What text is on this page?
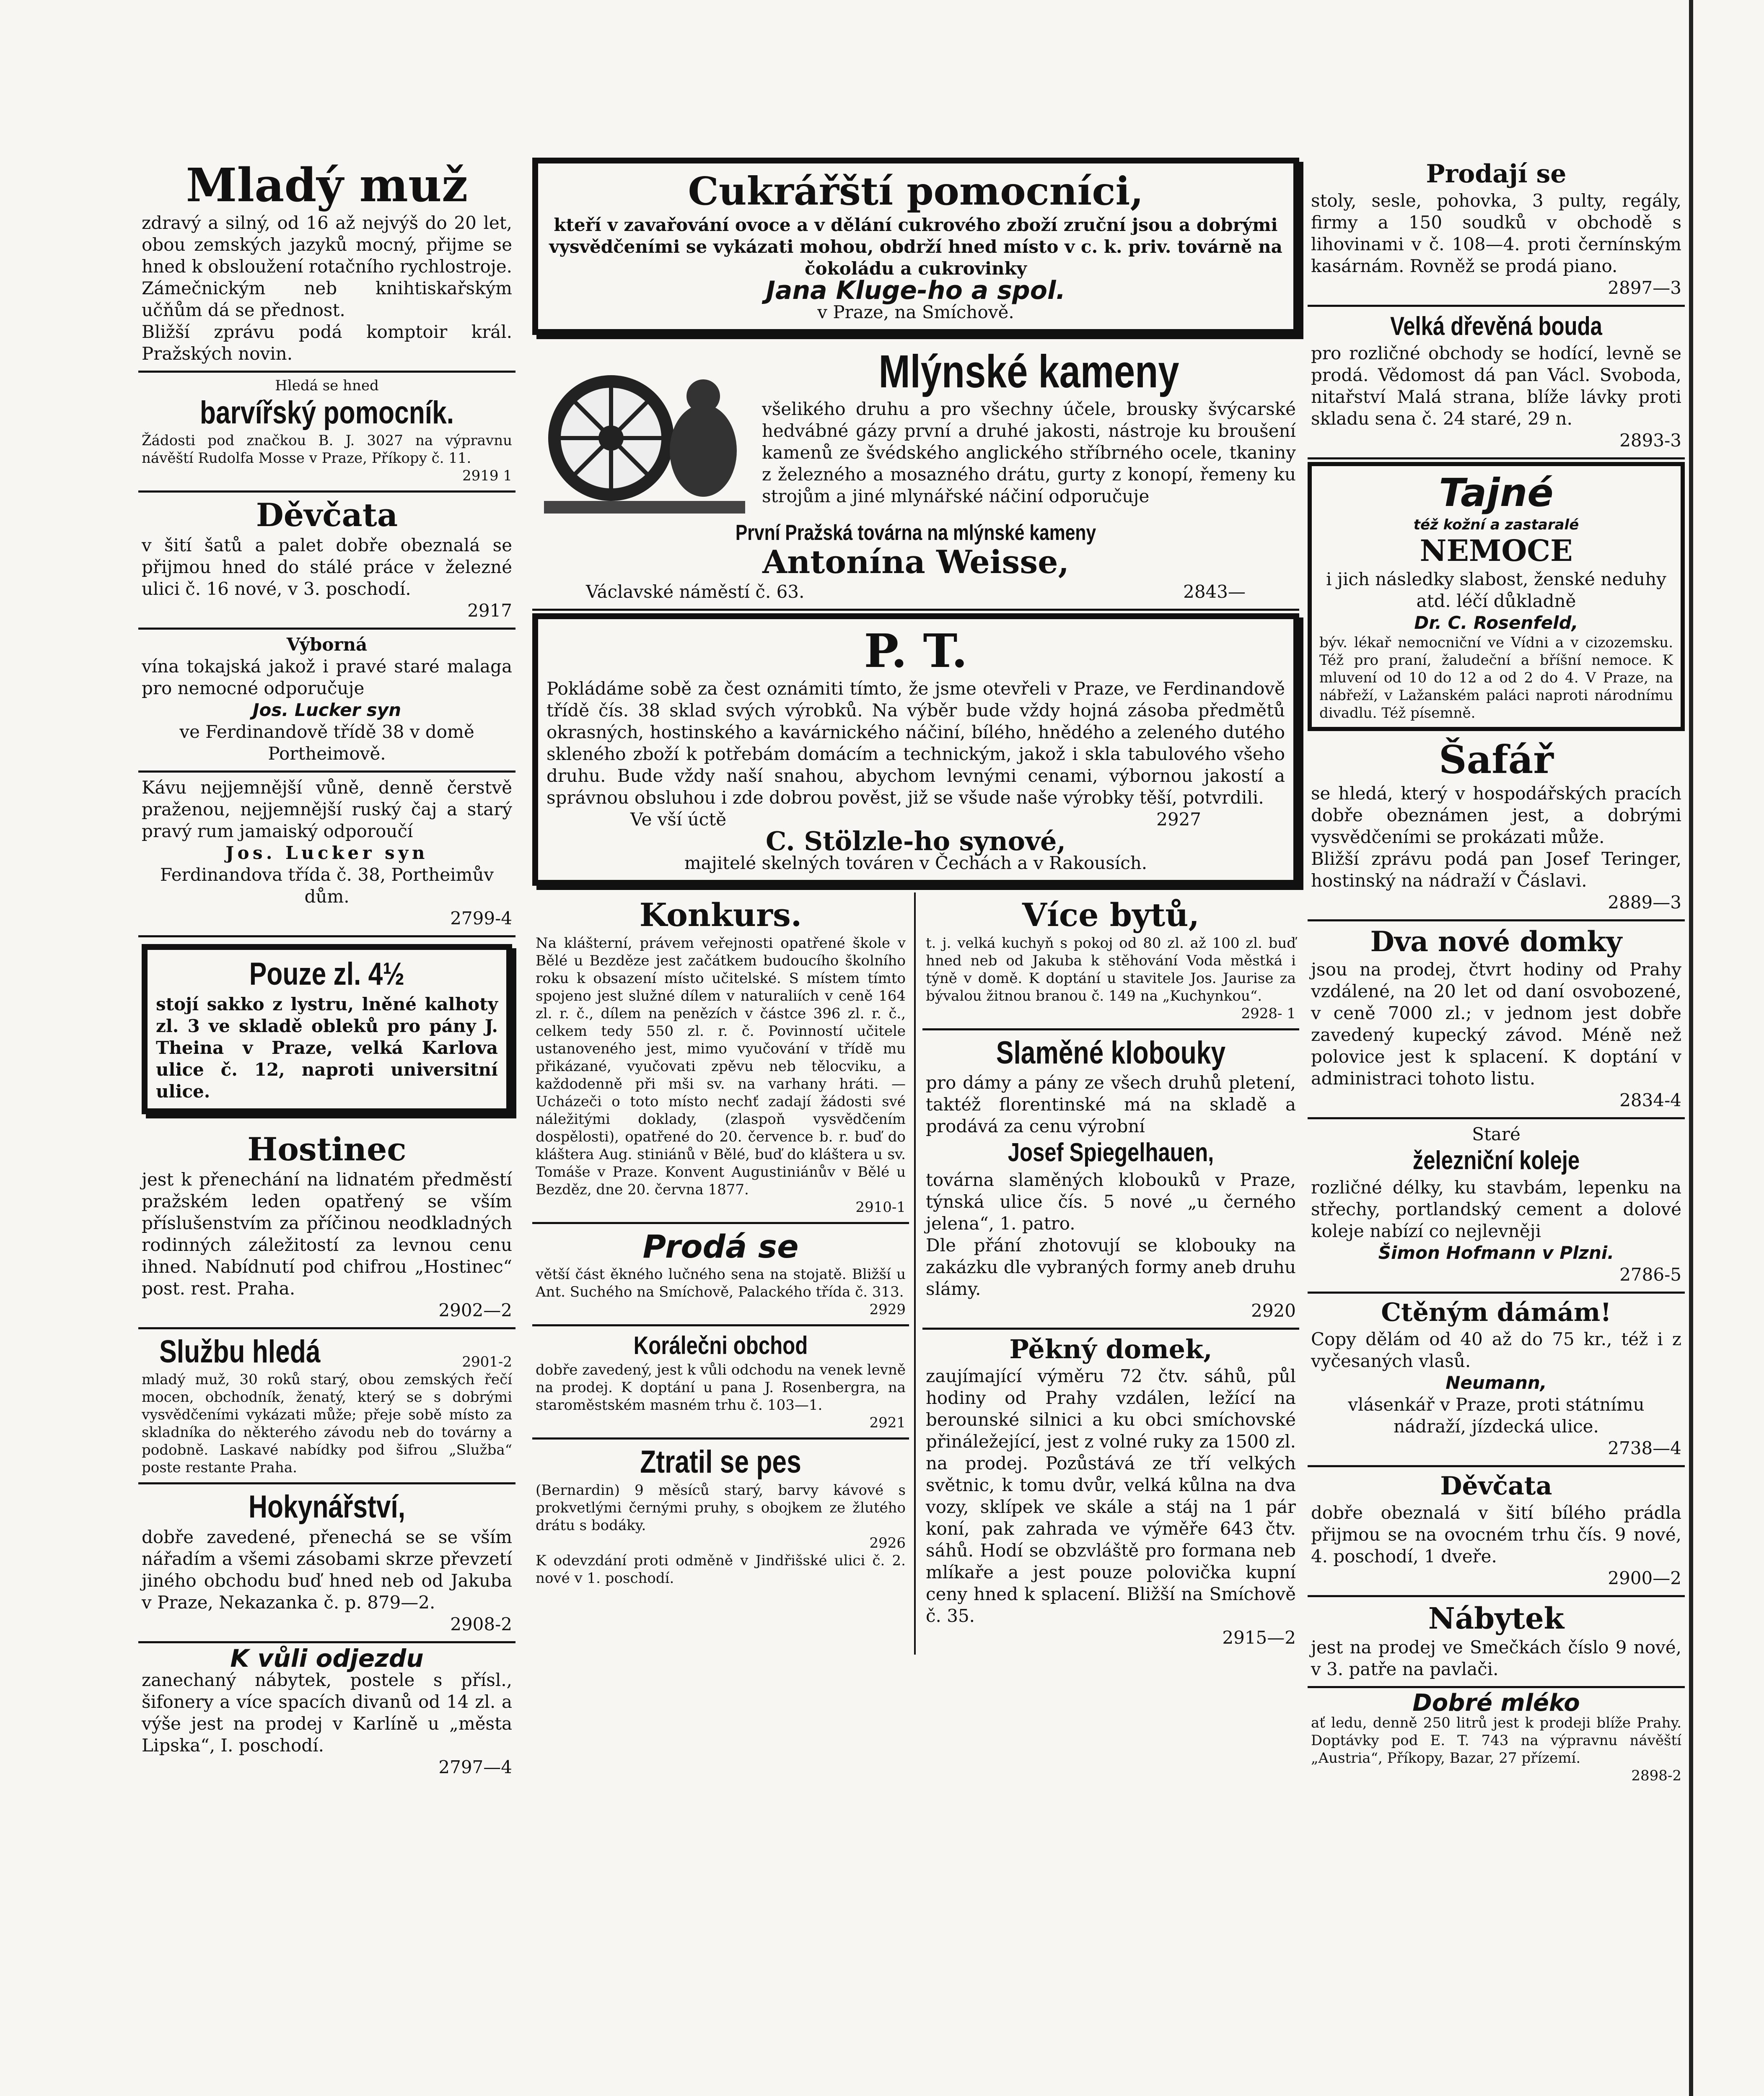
Mladý muž
zdravý a silný, od 16 až nejvýš do 20 let, obou zemských jazyků mocný, přijme se hned k obsloužení rotačního rychlostroje. Zámečnickým neb knihtiskařským učňům dá se přednost.
Bližší zprávu podá komptoir král. Pražských novin.
Hledá se hned
barvířský pomocník.
Žádosti pod značkou B. J. 3027 na výpravnu návěští Rudolfa Mosse v Praze, Příkopy č. 11.
2919 1
Děvčata
v šití šatů a palet dobře obeznalá se přijmou hned do stálé práce v železné ulici č. 16 nové, v 3. poschodí.
2917
Výborná
vína tokajská jakož i pravé staré malaga pro nemocné odporučuje
Jos. Lucker syn
ve Ferdinandově třídě 38 v domě Portheimově.
Kávu nejjemnější vůně, denně čerstvě praženou, nejjemnější ruský čaj a starý pravý rum jamaiský odporoučí
Jos. Lucker syn
Ferdinandova třída č. 38, Portheimův dům.
2799-4
Pouze zl. 4½
stojí sakko z lystru, lněné kalhoty zl. 3 ve skladě obleků pro pány J. Theina v Praze, velká Karlova ulice č. 12, naproti universitní ulice.
Hostinec
jest k přenechání na lidnatém předměstí pražském leden opatřený se vším příslušenstvím za příčinou neodkladných rodinných záležitostí za levnou cenu ihned. Nabídnutí pod chifrou „Hostinec“ post. rest. Praha.
2902—2
Službu hledá	2901-2
mladý muž, 30 roků starý, obou zemských řečí mocen, obchodník, ženatý, který se s dobrými vysvědčeními vykázati může; přeje sobě místo za skladníka do některého závodu neb do továrny a podobně. Laskavé nabídky pod šifrou „Služba“ poste restante Praha.
Hokynářství,
dobře zavedené, přenechá se se vším nářadím a všemi zásobami skrze převzetí jiného obchodu buď hned neb od Jakuba v Praze, Nekazanka č. p. 879—2.
2908-2
K vůli odjezdu
zanechaný nábytek, postele s přísl., šifonery a více spacích divanů od 14 zl. a výše jest na prodej v Karlíně u „města Lipska“, I. poschodí.
2797—4
Cukrářští pomocníci,
kteří v zavařování ovoce a v dělání cukrového zboží zruční jsou a dobrými vysvědčeními se vykázati mohou, obdrží hned místo v c. k. priv. továrně na čokoládu a cukrovinky
Jana Kluge-ho a spol.
v Praze, na Smíchově.
Mlýnské kameny
všelikého druhu a pro všechny účele, brousky švýcarské hedvábné gázy první a druhé jakosti, nástroje ku broušení kamenů ze švédského anglického stříbrného ocele, tkaniny z železného a mosazného drátu, gurty z konopí, řemeny ku strojům a jiné mlynářské náčiní odporučuje
První Pražská továrna na mlýnské kameny
Antonína Weisse,
Václavské náměstí č. 63.	2843—
P. T.
Pokládáme sobě za čest oznámiti tímto, že jsme otevřeli v Praze, ve Ferdinandově třídě čís. 38 sklad svých výrobků. Na výběr bude vždy hojná zásoba předmětů okrasných, hostinského a kavárnického náčiní, bílého, hnědého a zeleného dutého skleného zboží k potřebám domácím a technickým, jakož i skla tabulového všeho druhu. Bude vždy naší snahou, abychom levnými cenami, výbornou jakostí a správnou obsluhou i zde dobrou pověst, již se všude naše výrobky těší, potvrdili.
Ve vší úctě	2927
C. Stölzle-ho synové,
majitelé skelných továren v Čechách a v Rakousích.
Konkurs.
Na klášterní, právem veřejnosti opatřené škole v Bělé u Bezděze jest začátkem budoucího školního roku k obsazení místo učitelské. S místem tímto spojeno jest služné dílem v naturaliích v ceně 164 zl. r. č., dílem na penězích v částce 396 zl. r. č., celkem tedy 550 zl. r. č. Povinností učitele ustanoveného jest, mimo vyučování v třídě mu přikázané, vyučovati zpěvu neb tělocviku, a každodenně při mši sv. na varhany hráti. — Ucházeči o toto místo nechť zadají žádosti své náležitými doklady, (zlaspoň vysvědčením dospělosti), opatřené do 20. července b. r. buď do kláštera Aug. stiniánů v Bělé, buď do kláštera u sv. Tomáše v Praze. Konvent Augustiniánův v Bělé u Bezděz, dne 20. června 1877.
2910-1
Prodá se
větší část ěkného lučného sena na stojatě. Bližší u Ant. Suchého na Smíchově, Palackého třída č. 313.
2929
Korálečni obchod
dobře zavedený, jest k vůli odchodu na venek levně na prodej. K doptání u pana J. Rosenbergra, na staroměstském masném trhu č. 103—1.
2921
Ztratil se pes
(Bernardin) 9 měsíců starý, barvy kávové s prokvetlými černými pruhy, s obojkem ze žlutého drátu s bodáky.
2926
K odevzdání proti odměně v Jindřišské ulici č. 2. nové v 1. poschodí.
Více bytů,
t. j. velká kuchyň s pokoj od 80 zl. až 100 zl. buď hned neb od Jakuba k stěhování Voda městká i týně v domě. K doptání u stavitele Jos. Jaurise za bývalou žitnou branou č. 149 na „Kuchynkou“.
2928- 1
Slaměné klobouky
pro dámy a pány ze všech druhů pletení, taktéž florentinské má na skladě a prodává za cenu výrobní
Josef Spiegelhauen,
továrna slaměných klobouků v Praze, týnská ulice čís. 5 nové „u černého jelena“, 1. patro.
Dle přání zhotovují se klobouky na zakázku dle vybraných formy aneb druhu slámy.
2920
Pěkný domek,
zaujímající výměru 72 čtv. sáhů, půl hodiny od Prahy vzdálen, ležící na berounské silnici a ku obci smíchovské přináležející, jest z volné ruky za 1500 zl. na prodej. Pozůstává ze tří velkých světnic, k tomu dvůr, velká kůlna na dva vozy, sklípek ve skále a stáj na 1 pár koní, pak zahrada ve výměře 643 čtv. sáhů. Hodí se obzvláště pro formana neb mlíkaře a jest pouze polovička kupní ceny hned k splacení. Bližší na Smíchově č. 35.
2915—2
Prodají se
stoly, sesle, pohovka, 3 pulty, regály, firmy a 150 soudků v obchodě s lihovinami v č. 108—4. proti černínským kasárnám. Rovněž se prodá piano.
2897—3
Velká dřevěná bouda
pro rozličné obchody se hodící, levně se prodá. Vědomost dá pan Václ. Svoboda, nitařství Malá strana, blíže lávky proti skladu sena č. 24 staré, 29 n.
2893-3
Tajné
též kožní a zastaralé
NEMOCE
i jich následky slabost, ženské neduhy atd. léčí důkladně
Dr. C. Rosenfeld,
býv. lékař nemocniční ve Vídni a v cizozemsku. Též pro praní, žaludeční a bříšní nemoce. K mluvení od 10 do 12 a od 2 do 4. V Praze, na nábřeží, v Lažanském paláci naproti národnímu divadlu. Též písemně.
Šafář
se hledá, který v hospodářských pracích dobře obeznámen jest, a dobrými vysvědčeními se prokázati může.
Bližší zprávu podá pan Josef Teringer, hostinský na nádraží v Čáslavi.
2889—3
Dva nové domky
jsou na prodej, čtvrt hodiny od Prahy vzdálené, na 20 let od daní osvobozené, v ceně 7000 zl.; v jednom jest dobře zavedený kupecký závod. Méně než polovice jest k splacení. K doptání v administraci tohoto listu.
2834-4
Staré
železniční koleje
rozličné délky, ku stavbám, lepenku na střechy, portlandský cement a dolové koleje nabízí co nejlevněji
Šimon Hofmann v Plzni.
2786-5
Ctěným dámám!
Copy dělám od 40 až do 75 kr., též i z vyčesaných vlasů.
Neumann,
vlásenkář v Praze, proti státnímu nádraží, jízdecká ulice.
2738—4
Děvčata
dobře obeznalá v šití bílého prádla přijmou se na ovocném trhu čís. 9 nové, 4. poschodí, 1 dveře.
2900—2
Nábytek
jest na prodej ve Smečkách číslo 9 nové, v 3. patře na pavlači.
Dobré mléko
ať ledu, denně 250 litrů jest k prodeji blíže Prahy. Doptávky pod E. T. 743 na výpravnu návěští „Austria“, Příkopy, Bazar, 27 přízemí.
2898-2
